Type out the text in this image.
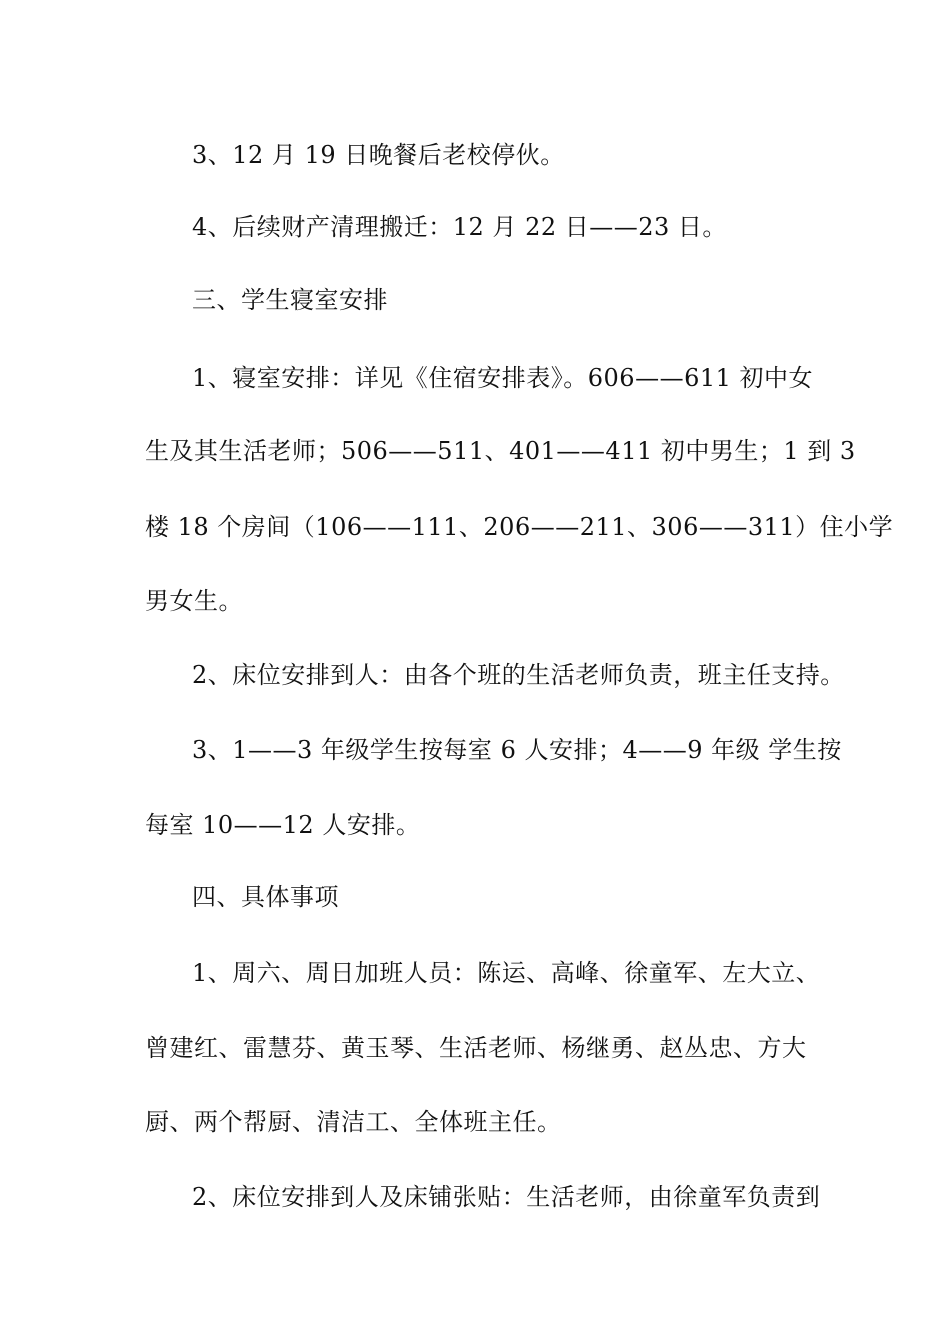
3、12 月 19 日晚餐后老校停伙。
4、后续财产清理搬迁：12 月 22 日——23 日。
三、学生寝室安排
1、寝室安排：详见《住宿安排表》。606——611 初中女
生及其生活老师；506——511、401——411 初中男生；1 到 3
楼 18 个房间（106——111、206——211、306——311）住小学
男女生。
2、床位安排到人：由各个班的生活老师负责，班主任支持。
3、1——3 年级学生按每室 6 人安排；4——9 年级 学生按
每室 10——12 人安排。
四、具体事项
1、周六、周日加班人员：陈运、高峰、徐童军、左大立、
曾建红、雷慧芬、黄玉琴、生活老师、杨继勇、赵丛忠、方大
厨、两个帮厨、清洁工、全体班主任。
2、床位安排到人及床铺张贴：生活老师，由徐童军负责到
